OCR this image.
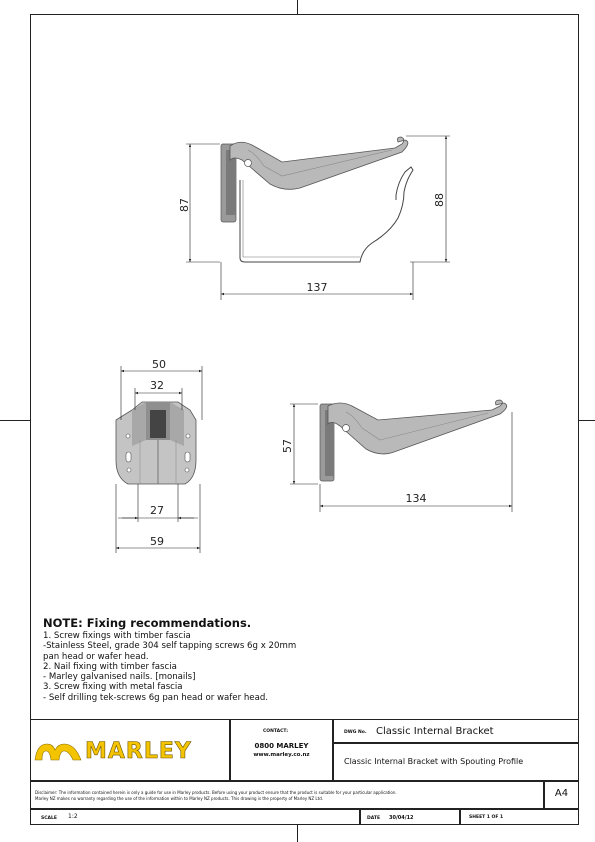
87	88
137
50
32
27
59
57
134
NOTE: Fixing recommendations.
1. Screw fixings with timber fascia
-Stainless Steel, grade 304 self tapping screws 6g x 20mm
pan head or wafer head.
2. Nail fixing with timber fascia
- Marley galvanised nails. [monails]
3. Screw fixing with metal fascia
- Self drilling tek-screws 6g pan head or wafer head.
MARLEY
CONTACT:
0800 MARLEY
www.marley.co.nz
DWG No. Classic Internal Bracket
Classic Internal Bracket with Spouting Profile
Disclaimer: The information contained herein is only a guide for use in Marley products. Before using your product ensure that the product is suitable for your particular application.
Marley NZ makes no warranty regarding the use of the information within to Marley NZ products. This drawing is the property of Marley NZ Ltd.	A4
SCALE 1:2	DATE 30/04/12	SHEET 1 OF 1
